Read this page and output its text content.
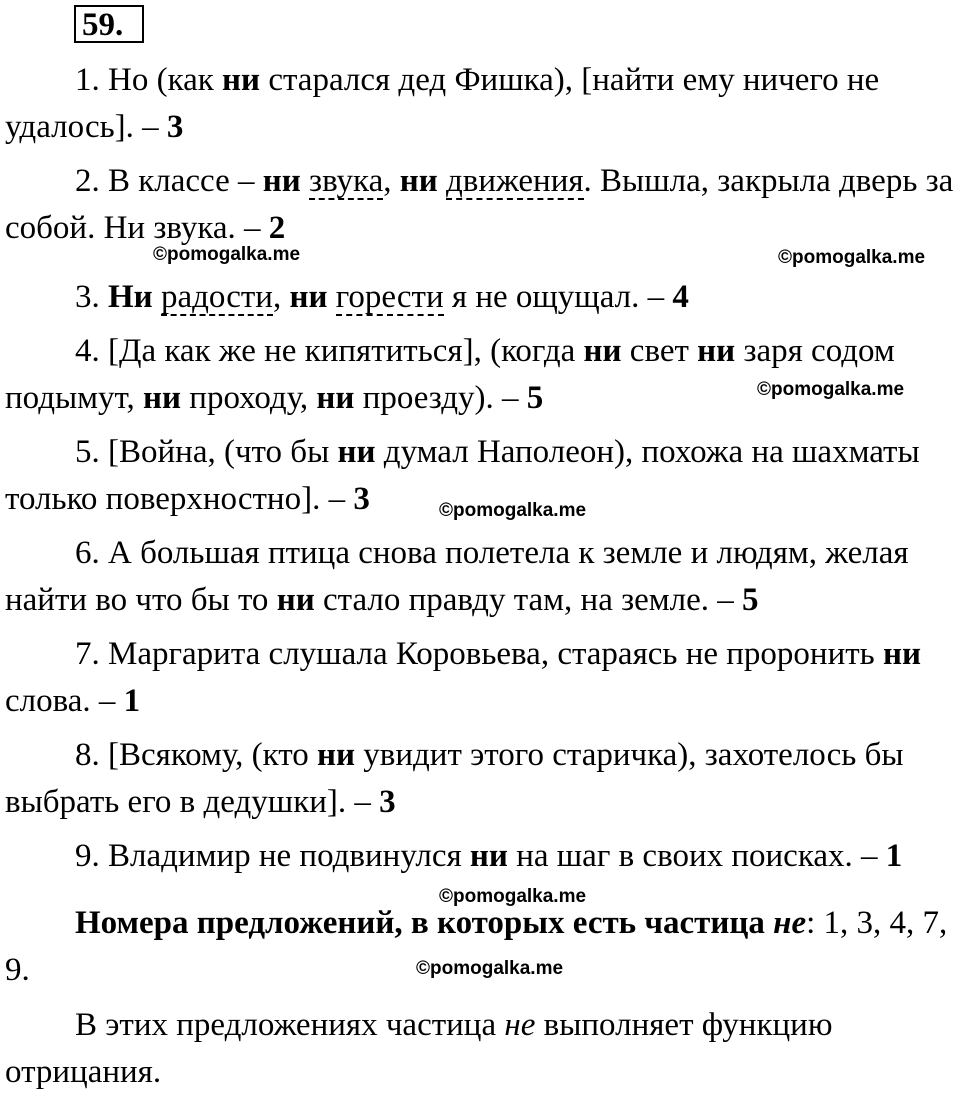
59.

1. Но (как ни старался дед Фишка), [найти ему ничего не удалось]. – 3

2. В классе – ни звука, ни движения. Вышла, закрыла дверь за собой. Ни звука. – 2

3. Ни радости, ни горести я не ощущал. – 4

4. [Да как же не кипятиться], (когда ни свет ни заря содом подымут, ни проходу, ни проезду). – 5

5. [Война, (что бы ни думал Наполеон), похожа на шахматы только поверхностно]. – 3

6. А большая птица снова полетела к земле и людям, желая найти во что бы то ни стало правду там, на земле. – 5

7. Маргарита слушала Коровьева, стараясь не проронить ни слова. – 1

8. [Всякому, (кто ни увидит этого старичка), захотелось бы выбрать его в дедушки]. – 3

9. Владимир не подвинулся ни на шаг в своих поисках. – 1

Номера предложений, в которых есть частица не: 1, 3, 4, 7, 9.

В этих предложениях частица не выполняет функцию отрицания.

©pomogalka.me	©pomogalka.me
©pomogalka.me
©pomogalka.me
©pomogalka.me
©pomogalka.me
